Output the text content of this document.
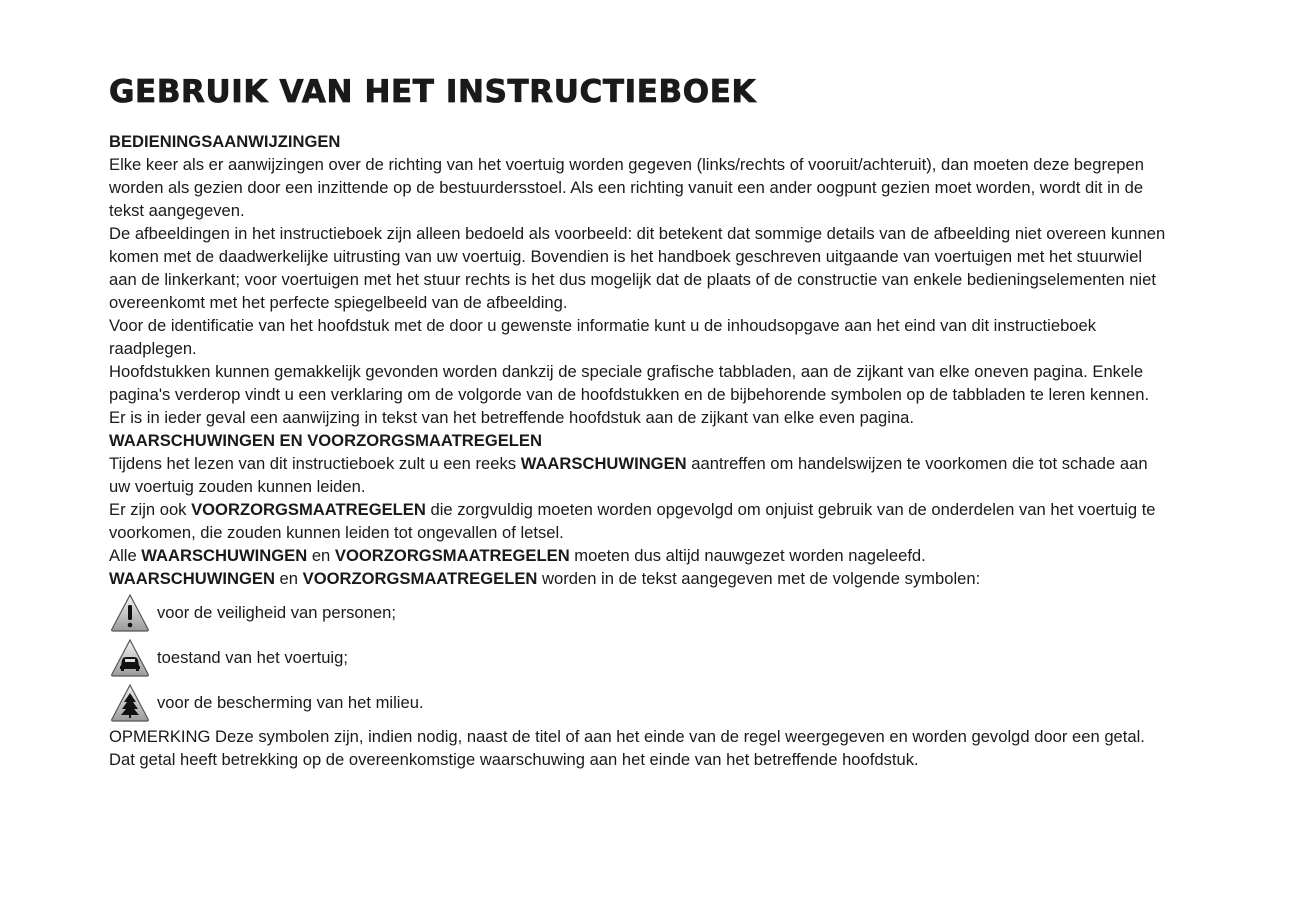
GEBRUIK VAN HET INSTRUCTIEBOEK
BEDIENINGSAANWIJZINGEN

Elke keer als er aanwijzingen over de richting van het voertuig worden gegeven (links/rechts of vooruit/achteruit), dan moeten deze begrepen worden als gezien door een inzittende op de bestuurdersstoel. Als een richting vanuit een ander oogpunt gezien moet worden, wordt dit in de tekst aangegeven.

De afbeeldingen in het instructieboek zijn alleen bedoeld als voorbeeld: dit betekent dat sommige details van de afbeelding niet overeen kunnen komen met de daadwerkelijke uitrusting van uw voertuig. Bovendien is het handboek geschreven uitgaande van voertuigen met het stuurwiel aan de linkerkant; voor voertuigen met het stuur rechts is het dus mogelijk dat de plaats of de constructie van enkele bedieningselementen niet overeenkomt met het perfecte spiegelbeeld van de afbeelding.

Voor de identificatie van het hoofdstuk met de door u gewenste informatie kunt u de inhoudsopgave aan het eind van dit instructieboek raadplegen.

Hoofdstukken kunnen gemakkelijk gevonden worden dankzij de speciale grafische tabbladen, aan de zijkant van elke oneven pagina. Enkele pagina's verderop vindt u een verklaring om de volgorde van de hoofdstukken en de bijbehorende symbolen op de tabbladen te leren kennen. Er is in ieder geval een aanwijzing in tekst van het betreffende hoofdstuk aan de zijkant van elke even pagina.

WAARSCHUWINGEN EN VOORZORGSMAATREGELEN

Tijdens het lezen van dit instructieboek zult u een reeks WAARSCHUWINGEN aantreffen om handelswijzen te voorkomen die tot schade aan uw voertuig zouden kunnen leiden.

Er zijn ook VOORZORGSMAATREGELEN die zorgvuldig moeten worden opgevolgd om onjuist gebruik van de onderdelen van het voertuig te voorkomen, die zouden kunnen leiden tot ongevallen of letsel.

Alle WAARSCHUWINGEN en VOORZORGSMAATREGELEN moeten dus altijd nauwgezet worden nageleefd.

WAARSCHUWINGEN en VOORZORGSMAATREGELEN worden in de tekst aangegeven met de volgende symbolen:

voor de veiligheid van personen;
toestand van het voertuig;
voor de bescherming van het milieu.

OPMERKING Deze symbolen zijn, indien nodig, naast de titel of aan het einde van de regel weergegeven en worden gevolgd door een getal. Dat getal heeft betrekking op de overeenkomstige waarschuwing aan het einde van het betreffende hoofdstuk.
